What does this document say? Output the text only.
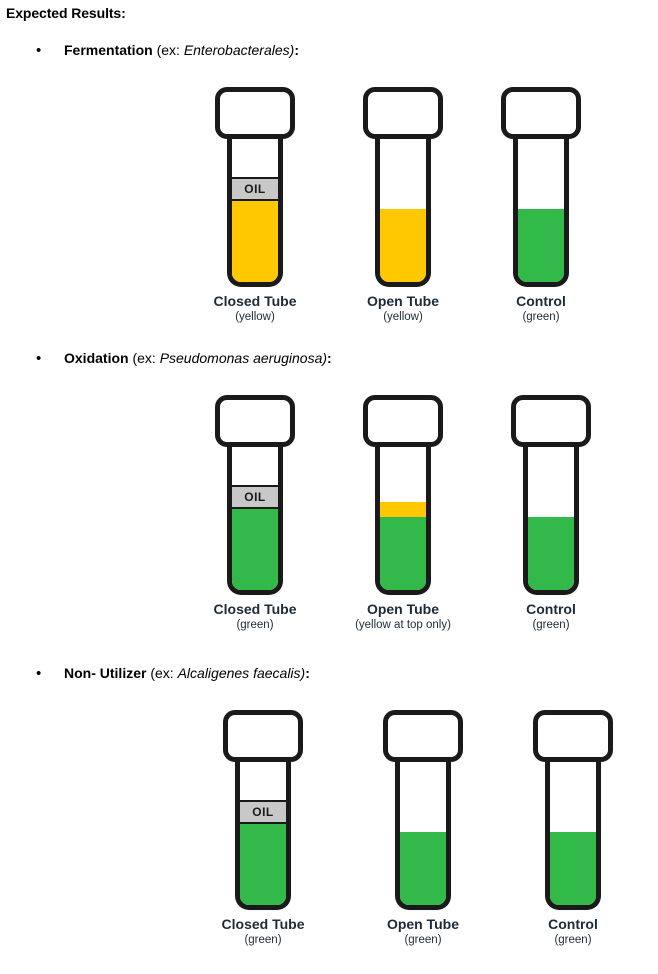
Expected Results:
• Fermentation (ex: Enterobacterales):
OIL
Closed Tube
(yellow)
Open Tube
(yellow)
Control
(green)
• Oxidation (ex: Pseudomonas aeruginosa):
OIL
Closed Tube
(green)
Open Tube
(yellow at top only)
Control
(green)
• Non- Utilizer (ex: Alcaligenes faecalis):
OIL
Closed Tube
(green)
Open Tube
(green)
Control
(green)
